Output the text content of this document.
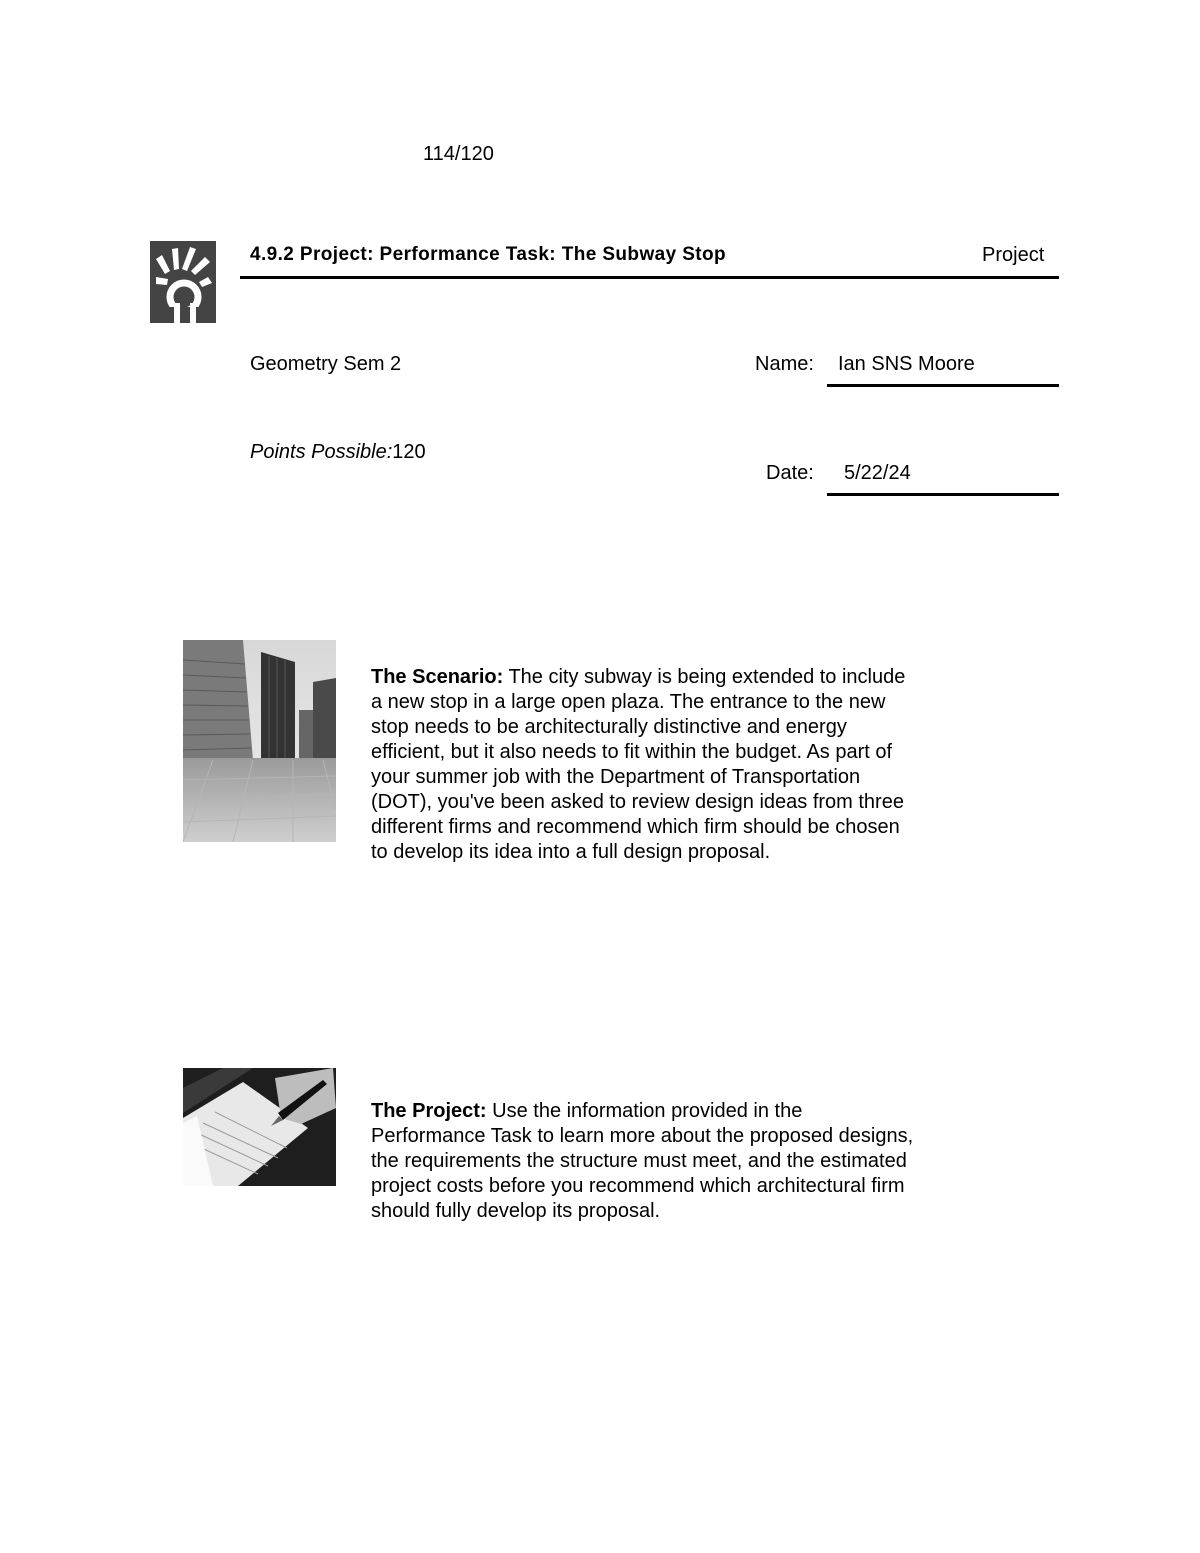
114/120
4.9.2 Project: Performance Task: The Subway Stop	Project
Geometry Sem 2	Name: Ian SNS Moore
Points Possible:120
Date: 5/22/24
The Scenario: The city subway is being extended to include
a new stop in a large open plaza. The entrance to the new
stop needs to be architecturally distinctive and energy
efficient, but it also needs to fit within the budget. As part of
your summer job with the Department of Transportation
(DOT), you've been asked to review design ideas from three
different firms and recommend which firm should be chosen
to develop its idea into a full design proposal.
The Project: Use the information provided in the
Performance Task to learn more about the proposed designs,
the requirements the structure must meet, and the estimated
project costs before you recommend which architectural firm
should fully develop its proposal.
